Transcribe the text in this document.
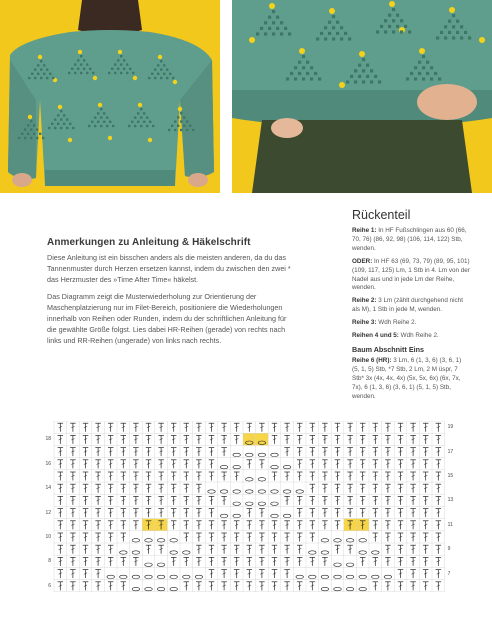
Anmerkungen zu Anleitung & Häkelschrift

Diese Anleitung ist ein bisschen anders als die meisten anderen, da du das Tannenmuster durch Herzen ersetzen kannst, indem du zwischen den zwei * das Herzmuster des »Time After Time« häkelst.

Das Diagramm zeigt die Musterwiederholung zur Orientierung der Maschenplatzierung nur im Filet-Bereich, positioniere die Wiederholungen innerhalb von Reihen oder Runden, indem du der schriftlichen Anleitung für die gewählte Größe folgst. Lies dabei HR-Reihen (gerade) von rechts nach links und RR-Reihen (ungerade) von links nach rechts.

Rückenteil

Reihe 1: In HF Fußschlingen aus 60 (66, 70, 76) (86, 92, 98) (106, 114, 122) Stb, wenden.

ODER: In HF 63 (69, 73, 79) (89, 95, 101) (109, 117, 125) Lm, 1 Stb in 4. Lm von der Nadel aus und in jede Lm der Reihe, wenden.

Reihe 2: 3 Lm (zählt durchgehend nicht als M), 1 Stb in jede M, wenden.

Reihe 3: Wdh Reihe 2.

Reihen 4 und 5: Wdh Reihe 2.

Baum Abschnitt Eins

Reihe 6 (HR): 3 Lm, 6 (1, 3, 6) (3, 6, 1) (5, 1, 5) Stb, *7 Stb, 2 Lm, 2 M üspr, 7 Stb* 3x (4x, 4x, 4x) (5x, 5x, 6x) (6x, 7x, 7x), 6 (1, 3, 6) (3, 6, 1) (5, 1, 5) Stb, wenden.

18
16
14
12
10
8
6
19
17
15
13
11
9
7
